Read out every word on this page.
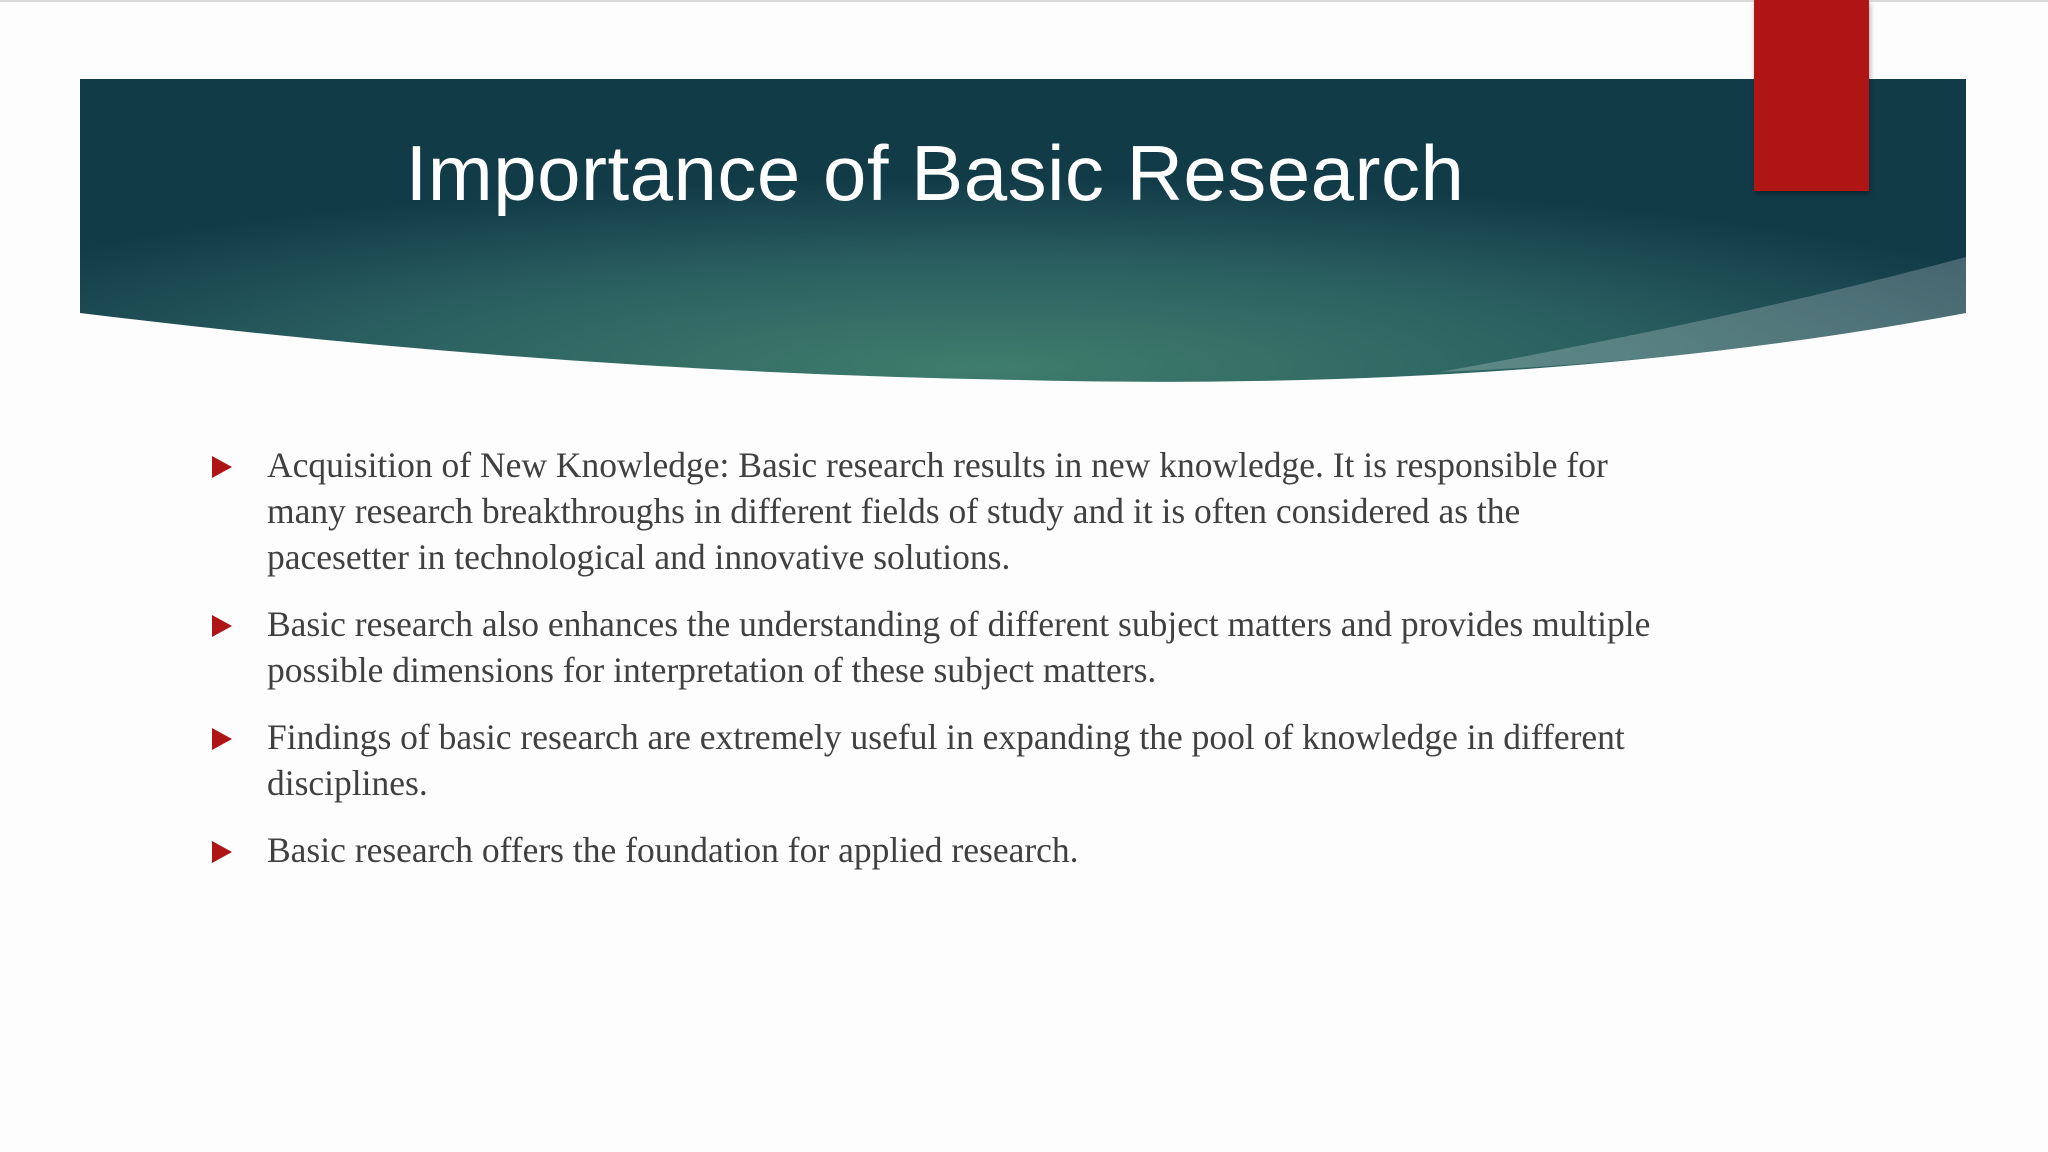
Importance of Basic Research
Acquisition of New Knowledge: Basic research results in new knowledge. It is responsible for many research breakthroughs in different fields of study and it is often considered as the pacesetter in technological and innovative solutions.
Basic research also enhances the understanding of different subject matters and provides multiple possible dimensions for interpretation of these subject matters.
Findings of basic research are extremely useful in expanding the pool of knowledge in different disciplines.
Basic research offers the foundation for applied research.
